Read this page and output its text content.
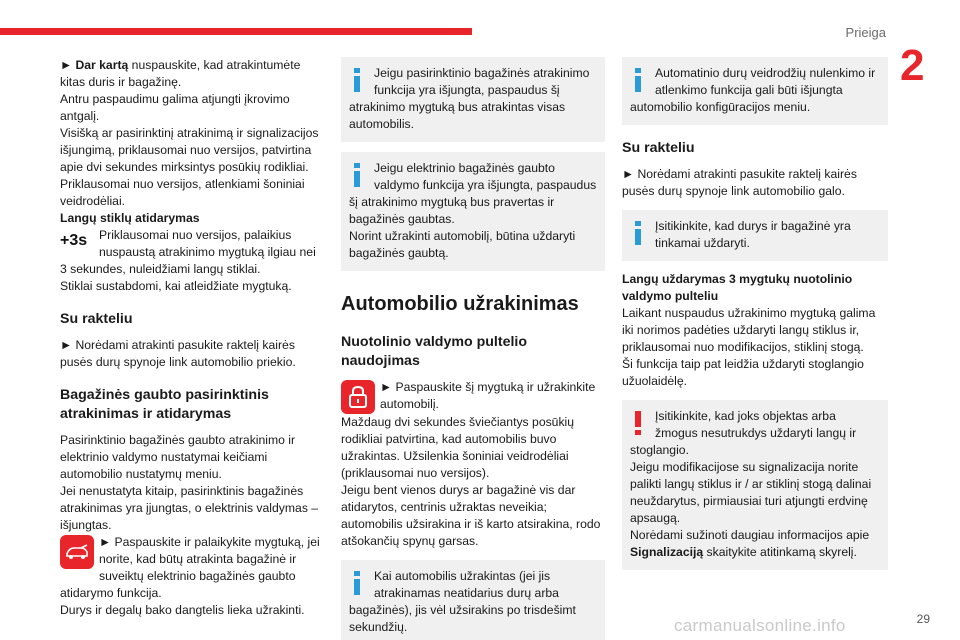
Prieiga
2

► Dar kartą nuspauskite, kad atrakintumėte kitas duris ir bagažinę.

Antru paspaudimu galima atjungti įkrovimo antgalį.

Visišką ar pasirinktinį atrakinimą ir signalizacijos išjungimą, priklausomai nuo versijos, patvirtina apie dvi sekundes mirksintys posūkių rodikliai.

Priklausomai nuo versijos, atlenkiami šoniniai veidrodėliai.

Langų stiklų atidarymas

+3s Priklausomai nuo versijos, palaikius nuspaustą atrakinimo mygtuką ilgiau nei 3 sekundes, nuleidžiami langų stiklai.

Stiklai sustabdomi, kai atleidžiate mygtuką.

Su rakteliu

► Norėdami atrakinti pasukite raktelį kairės pusės durų spynoje link automobilio priekio.

Bagažinės gaubto pasirinktinis atrakinimas ir atidarymas

Pasirinktinio bagažinės gaubto atrakinimo ir elektrinio valdymo nustatymai keičiami automobilio nustatymų meniu.

Jei nenustatyta kitaip, pasirinktinis bagažinės atrakinimas yra įjungtas, o elektrinis valdymas – išjungtas.

► Paspauskite ir palaikykite mygtuką, jei norite, kad būtų atrakinta bagažinė ir suveiktų elektrinio bagažinės gaubto atidarymo funkcija.

Durys ir degalų bako dangtelis lieka užrakinti.

Jeigu pasirinktinio bagažinės atrakinimo funkcija yra išjungta, paspaudus šį atrakinimo mygtuką bus atrakintas visas automobilis.

Jeigu elektrinio bagažinės gaubto valdymo funkcija yra išjungta, paspaudus šį atrakinimo mygtuką bus pravertas ir bagažinės gaubtas.
Norint užrakinti automobilį, būtina uždaryti bagažinės gaubtą.

Automobilio užrakinimas
Nuotolinio valdymo pultelio naudojimas

► Paspauskite šį mygtuką ir užrakinkite automobilį.

Maždaug dvi sekundes šviečiantys posūkių rodikliai patvirtina, kad automobilis buvo užrakintas. Užsilenkia šoniniai veidrodėliai (priklausomai nuo versijos).

Jeigu bent vienos durys ar bagažinė vis dar atidarytos, centrinis užraktas neveikia; automobilis užsirakina ir iš karto atsirakina, rodo atšokančių spynų garsas.

Kai automobilis užrakintas (jei jis atrakinamas neatidarius durų arba bagažinės), jis vėl užsirakins po trisdešimt sekundžių.

Automatinio durų veidrodžių nulenkimo ir atlenkimo funkcija gali būti išjungta automobilio konfigūracijos meniu.

Su rakteliu

► Norėdami atrakinti pasukite raktelį kairės pusės durų spynoje link automobilio galo.

Įsitikinkite, kad durys ir bagažinė yra tinkamai uždaryti.

Langų uždarymas 3 mygtukų nuotolinio valdymo pulteliu

Laikant nuspaudus užrakinimo mygtuką galima iki norimos padėties uždaryti langų stiklus ir, priklausomai nuo modifikacijos, stiklinį stogą.

Ši funkcija taip pat leidžia uždaryti stoglangio užuolaidėlę.

Įsitikinkite, kad joks objektas arba žmogus nesutrukdys uždaryti langų ir stoglangio.
Jeigu modifikacijose su signalizacija norite palikti langų stiklus ir / ar stiklinį stogą dalinai neuždarytus, pirmiausiai turi atjungti erdvinę apsaugą.
Norėdami sužinoti daugiau informacijos apie Signalizaciją skaitykite atitinkamą skyrelį.

carmanualsonline.info	29
